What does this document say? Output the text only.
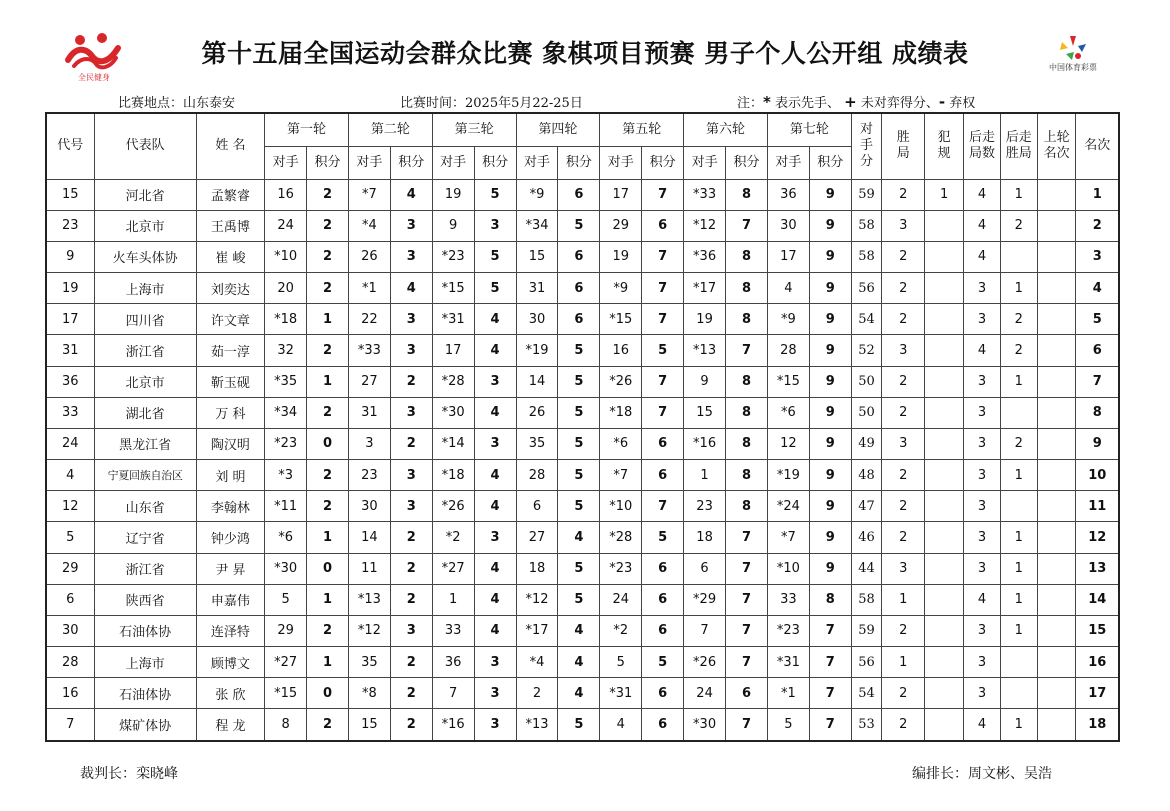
全民健身
中国体育彩票
第十五届全国运动会群众比赛 象棋项目预赛 男子个人公开组 成绩表
比赛地点：山东泰安	比赛时间：2025年5月22-25日	注：* 表示先手、 + 未对弈得分、- 弃权
代号	代表队	姓 名	第一轮		第二轮		第三轮		第四轮		第五轮		第六轮		第七轮		对手分	胜局	犯规	后走局数	后走胜局	上轮名次	名次
			对手	积分	对手	积分	对手	积分	对手	积分	对手	积分	对手	积分	对手	积分							
15	河北省	孟繁睿	16	2	*7	4	19	5	*9	6	17	7	*33	8	36	9	59	2	1	4	1		1
23	北京市	王禹博	24	2	*4	3	9	3	*34	5	29	6	*12	7	30	9	58	3		4	2		2
9	火车头体协	崔 峻	*10	2	26	3	*23	5	15	6	19	7	*36	8	17	9	58	2		4			3
19	上海市	刘奕达	20	2	*1	4	*15	5	31	6	*9	7	*17	8	4	9	56	2		3	1		4
17	四川省	许文章	*18	1	22	3	*31	4	30	6	*15	7	19	8	*9	9	54	2		3	2		5
31	浙江省	茹一淳	32	2	*33	3	17	4	*19	5	16	5	*13	7	28	9	52	3		4	2		6
36	北京市	靳玉砚	*35	1	27	2	*28	3	14	5	*26	7	9	8	*15	9	50	2		3	1		7
33	湖北省	万 科	*34	2	31	3	*30	4	26	5	*18	7	15	8	*6	9	50	2		3			8
24	黑龙江省	陶汉明	*23	0	3	2	*14	3	35	5	*6	6	*16	8	12	9	49	3		3	2		9
4	宁夏回族自治区	刘 明	*3	2	23	3	*18	4	28	5	*7	6	1	8	*19	9	48	2		3	1		10
12	山东省	李翰林	*11	2	30	3	*26	4	6	5	*10	7	23	8	*24	9	47	2		3			11
5	辽宁省	钟少鸿	*6	1	14	2	*2	3	27	4	*28	5	18	7	*7	9	46	2		3	1		12
29	浙江省	尹 昇	*30	0	11	2	*27	4	18	5	*23	6	6	7	*10	9	44	3		3	1		13
6	陕西省	申嘉伟	5	1	*13	2	1	4	*12	5	24	6	*29	7	33	8	58	1		4	1		14
30	石油体协	连泽特	29	2	*12	3	33	4	*17	4	*2	6	7	7	*23	7	59	2		3	1		15
28	上海市	顾博文	*27	1	35	2	36	3	*4	4	5	5	*26	7	*31	7	56	1		3			16
16	石油体协	张 欣	*15	0	*8	2	7	3	2	4	*31	6	24	6	*1	7	54	2		3			17
7	煤矿体协	程 龙	8	2	15	2	*16	3	*13	5	4	6	*30	7	5	7	53	2		4	1		18
裁判长：栾晓峰	编排长：周文彬、吴浩
